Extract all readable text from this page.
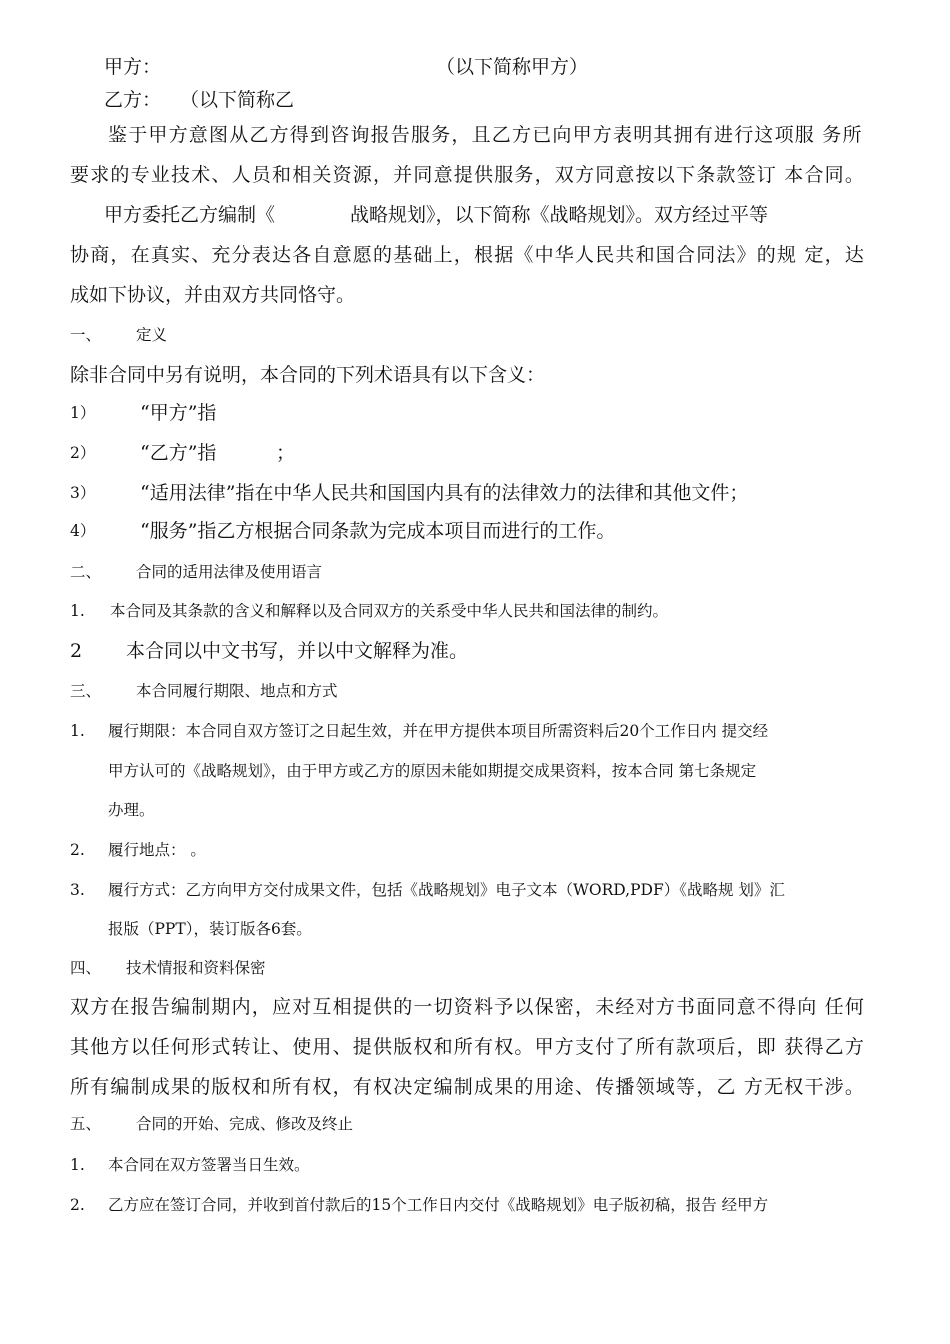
甲方：	（以下简称甲方）
乙方： （以下简称乙
鉴于甲方意图从乙方得到咨询报告服务，且乙方已向甲方表明其拥有进行这项服 务所
要求的专业技术、人员和相关资源，并同意提供服务，双方同意按以下条款签订 本合同。
甲方委托乙方编制《	战略规划》，以下简称《战略规划》。双方经过平等
协商，在真实、充分表达各自意愿的基础上，根据《中华人民共和国合同法》的规 定，达
成如下协议，并由双方共同恪守。
一、 定义
除非合同中另有说明，本合同的下列术语具有以下含义：
1） “甲方”指
2） “乙方”指	；
3） “适用法律”指在中华人民共和国国内具有的法律效力的法律和其他文件；
4） “服务”指乙方根据合同条款为完成本项目而进行的工作。
二、 合同的适用法律及使用语言
1. 本合同及其条款的含义和解释以及合同双方的关系受中华人民共和国法律的制约。
2 本合同以中文书写，并以中文解释为准。
三、 本合同履行期限、地点和方式
1. 履行期限：本合同自双方签订之日起生效，并在甲方提供本项目所需资料后20个工作日内 提交经
甲方认可的《战略规划》，由于甲方或乙方的原因未能如期提交成果资料，按本合同 第七条规定
办理。
2. 履行地点： 。
3. 履行方式：乙方向甲方交付成果文件，包括《战略规划》电子文本（WORD,PDF）《战略规 划》汇
报版（PPT），装订版各6套。
四、 技术情报和资料保密
双方在报告编制期内，应对互相提供的一切资料予以保密，未经对方书面同意不得向 任何
其他方以任何形式转让、使用、提供版权和所有权。甲方支付了所有款项后，即 获得乙方
所有编制成果的版权和所有权，有权决定编制成果的用途、传播领域等，乙 方无权干涉。
五、 合同的开始、完成、修改及终止
1. 本合同在双方签署当日生效。
2. 乙方应在签订合同，并收到首付款后的15个工作日内交付《战略规划》电子版初稿，报告 经甲方
